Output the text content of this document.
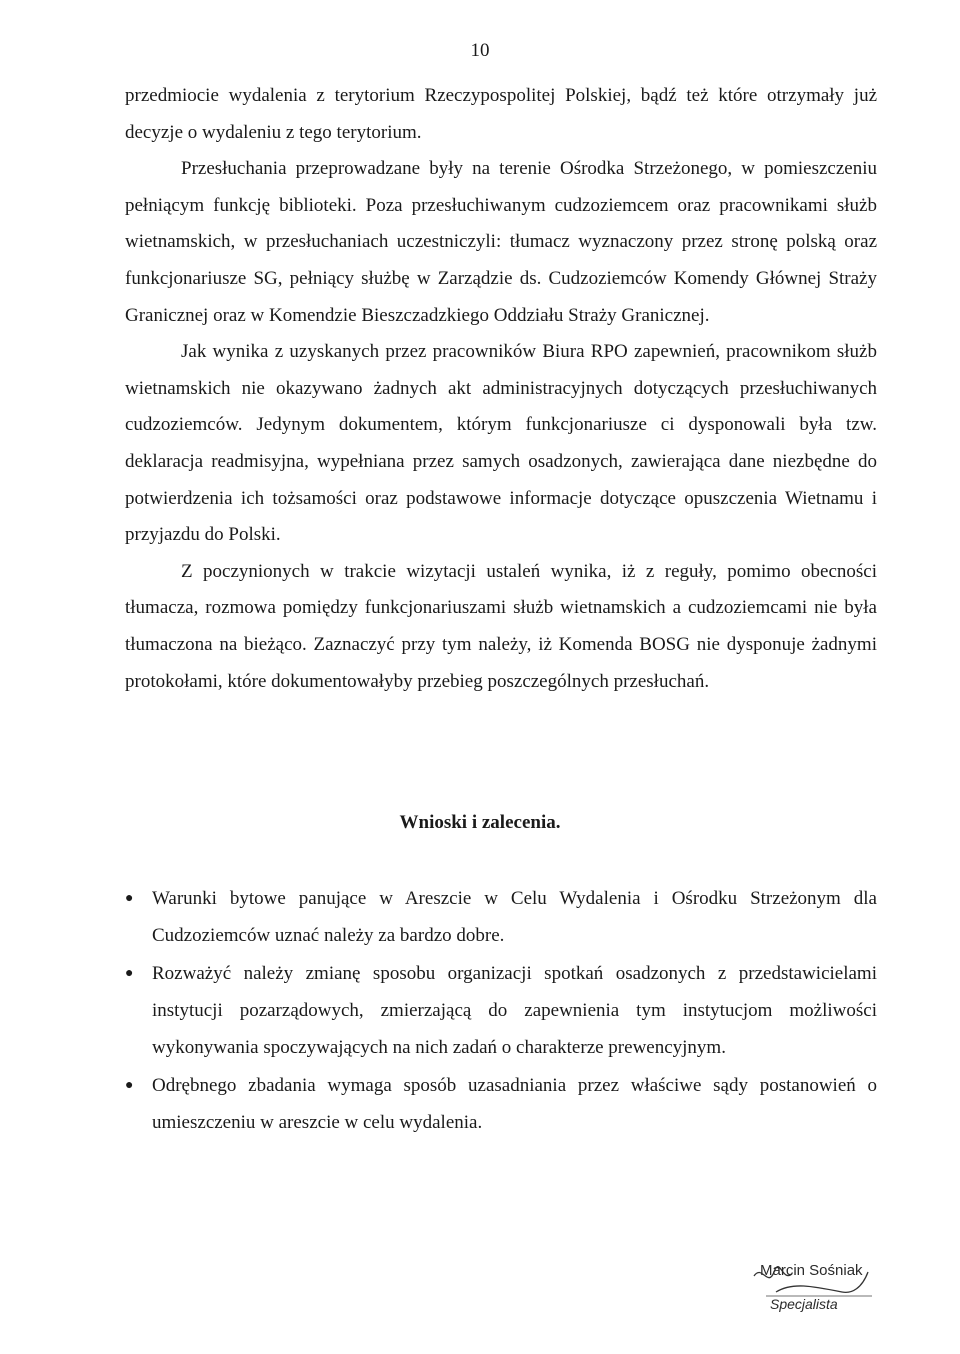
10

przedmiocie wydalenia z terytorium Rzeczypospolitej Polskiej, bądź też które otrzymały już decyzje o wydaleniu z tego terytorium.

Przesłuchania przeprowadzane były na terenie Ośrodka Strzeżonego, w pomieszczeniu pełniącym funkcję biblioteki. Poza przesłuchiwanym cudzoziemcem oraz pracownikami służb wietnamskich, w przesłuchaniach uczestniczyli: tłumacz wyznaczony przez stronę polską oraz funkcjonariusze SG, pełniący służbę w Zarządzie ds. Cudzoziemców Komendy Głównej Straży Granicznej oraz w Komendzie Bieszczadzkiego Oddziału Straży Granicznej.

Jak wynika z uzyskanych przez pracowników Biura RPO zapewnień, pracownikom służb wietnamskich nie okazywano żadnych akt administracyjnych dotyczących przesłuchiwanych cudzoziemców. Jedynym dokumentem, którym funkcjonariusze ci dysponowali była tzw. deklaracja readmisyjna, wypełniana przez samych osadzonych, zawierająca dane niezbędne do potwierdzenia ich tożsamości oraz podstawowe informacje dotyczące opuszczenia Wietnamu i przyjazdu do Polski.

Z poczynionych w trakcie wizytacji ustaleń wynika, iż z reguły, pomimo obecności tłumacza, rozmowa pomiędzy funkcjonariuszami służb wietnamskich a cudzoziemcami nie była tłumaczona na bieżąco. Zaznaczyć przy tym należy, iż Komenda BOSG nie dysponuje żadnymi protokołami, które dokumentowałyby przebieg poszczególnych przesłuchań.

Wnioski i zalecenia.
● Warunki bytowe panujące w Areszcie w Celu Wydalenia i Ośrodku Strzeżonym dla Cudzoziemców uznać należy za bardzo dobre.
● Rozważyć należy zmianę sposobu organizacji spotkań osadzonych z przedstawicielami instytucji pozarządowych, zmierzającą do zapewnienia tym instytucjom możliwości wykonywania spoczywających na nich zadań o charakterze prewencyjnym.
● Odrębnego zbadania wymaga sposób uzasadniania przez właściwe sądy postanowień o umieszczeniu w areszcie w celu wydalenia.
Marcin Sośniak
Specjalista
